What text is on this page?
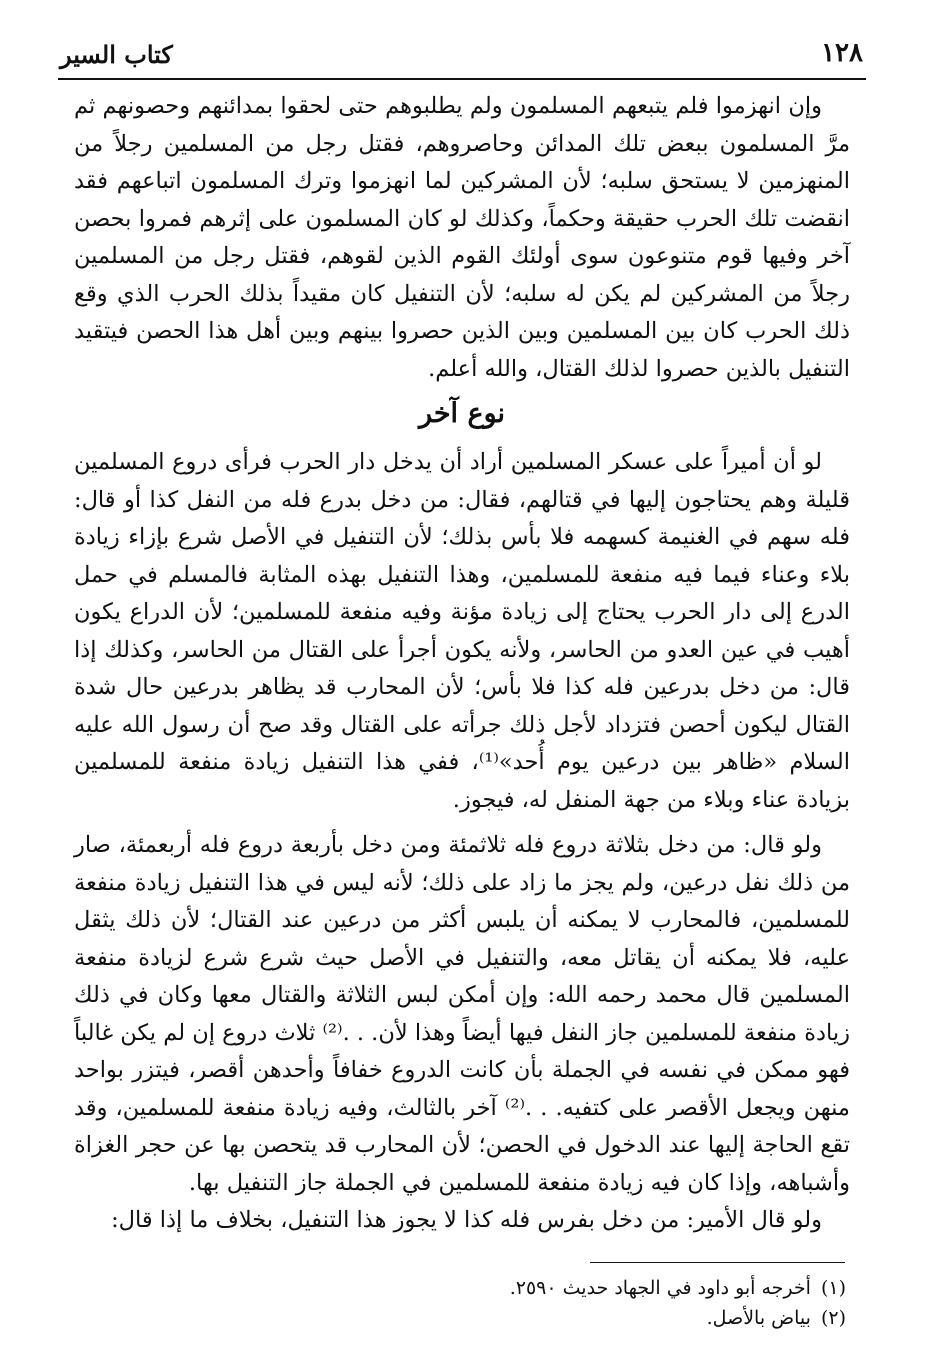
١٢٨
كتاب السير

وإن انهزموا فلم يتبعهم المسلمون ولم يطلبوهم حتى لحقوا بمدائنهم وحصونهم ثم مرَّ المسلمون ببعض تلك المدائن وحاصروهم، فقتل رجل من المسلمين رجلاً من المنهزمين لا يستحق سلبه؛ لأن المشركين لما انهزموا وترك المسلمون اتباعهم فقد انقضت تلك الحرب حقيقة وحكماً، وكذلك لو كان المسلمون على إثرهم فمروا بحصن آخر وفيها قوم متنوعون سوى أولئك القوم الذين لقوهم، فقتل رجل من المسلمين رجلاً من المشركين لم يكن له سلبه؛ لأن التنفيل كان مقيداً بذلك الحرب الذي وقع ذلك الحرب كان بين المسلمين وبين الذين حصروا بينهم وبين أهل هذا الحصن فيتقيد التنفيل بالذين حصروا لذلك القتال، والله أعلم.

نوع آخر

لو أن أميراً على عسكر المسلمين أراد أن يدخل دار الحرب فرأى دروع المسلمين قليلة وهم يحتاجون إليها في قتالهم، فقال: من دخل بدرع فله من النفل كذا أو قال: فله سهم في الغنيمة كسهمه فلا بأس بذلك؛ لأن التنفيل في الأصل شرع بإزاء زيادة بلاء وعناء فيما فيه منفعة للمسلمين، وهذا التنفيل بهذه المثابة فالمسلم في حمل الدرع إلى دار الحرب يحتاج إلى زيادة مؤنة وفيه منفعة للمسلمين؛ لأن الدراع يكون أهيب في عين العدو من الحاسر، ولأنه يكون أجرأ على القتال من الحاسر، وكذلك إذا قال: من دخل بدرعين فله كذا فلا بأس؛ لأن المحارب قد يظاهر بدرعين حال شدة القتال ليكون أحصن فتزداد لأجل ذلك جرأته على القتال وقد صح أن رسول الله عليه السلام «ظاهر بين درعين يوم أُحد»⁽¹⁾، ففي هذا التنفيل زيادة منفعة للمسلمين بزيادة عناء وبلاء من جهة المنفل له، فيجوز.

ولو قال: من دخل بثلاثة دروع فله ثلاثمئة ومن دخل بأربعة دروع فله أربعمئة، صار من ذلك نفل درعين، ولم يجز ما زاد على ذلك؛ لأنه ليس في هذا التنفيل زيادة منفعة للمسلمين، فالمحارب لا يمكنه أن يلبس أكثر من درعين عند القتال؛ لأن ذلك يثقل عليه، فلا يمكنه أن يقاتل معه، والتنفيل في الأصل حيث شرع شرع لزيادة منفعة المسلمين قال محمد رحمه الله: وإن أمكن لبس الثلاثة والقتال معها وكان في ذلك زيادة منفعة للمسلمين جاز النفل فيها أيضاً وهذا لأن. . .⁽²⁾ ثلاث دروع إن لم يكن غالباً فهو ممكن في نفسه في الجملة بأن كانت الدروع خفافاً وأحدهن أقصر، فيتزر بواحد منهن ويجعل الأقصر على كتفيه. . .⁽²⁾ آخر بالثالث، وفيه زيادة منفعة للمسلمين، وقد تقع الحاجة إليها عند الدخول في الحصن؛ لأن المحارب قد يتحصن بها عن حجر الغزاة وأشباهه، وإذا كان فيه زيادة منفعة للمسلمين في الجملة جاز التنفيل بها.

ولو قال الأمير: من دخل بفرس فله كذا لا يجوز هذا التنفيل، بخلاف ما إذا قال:

(١)
أخرجه أبو داود في الجهاد حديث ٢٥٩٠.
(٢)
بياض بالأصل.
